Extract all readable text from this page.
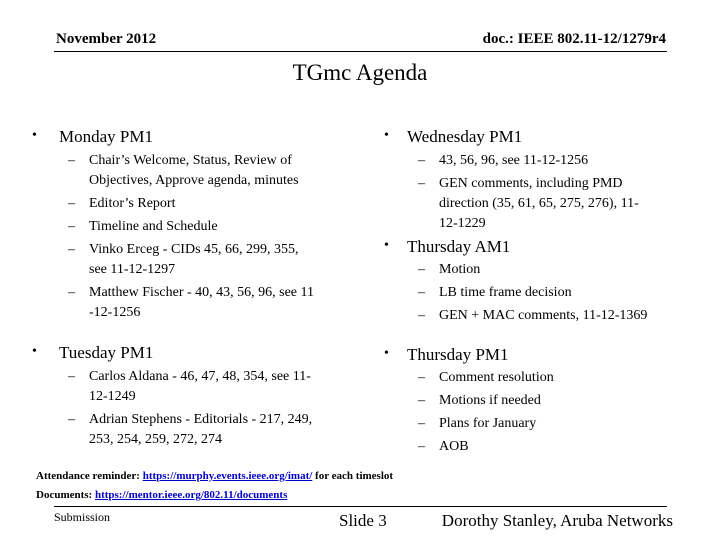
November 2012	doc.: IEEE 802.11-12/1279r4
TGmc Agenda
• Monday PM1
– Chair’s Welcome, Status, Review of
Objectives, Approve agenda, minutes
– Editor’s Report
– Timeline and Schedule
– Vinko Erceg - CIDs 45, 66, 299, 355,
see 11-12-1297
– Matthew Fischer - 40, 43, 56, 96, see 11
-12-1256
• Tuesday PM1
– Carlos Aldana - 46, 47, 48, 354, see 11-
12-1249
– Adrian Stephens - Editorials - 217, 249,
253, 254, 259, 272, 274
• Wednesday PM1
– 43, 56, 96, see 11-12-1256
– GEN comments, including PMD
direction (35, 61, 65, 275, 276), 11-
12-1229
• Thursday AM1
– Motion
– LB time frame decision
– GEN + MAC comments, 11-12-1369
• Thursday PM1
– Comment resolution
– Motions if needed
– Plans for January
– AOB
Attendance reminder: https://murphy.events.ieee.org/imat/ for each timeslot
Documents: https://mentor.ieee.org/802.11/documents
Submission	Slide 3	Dorothy Stanley, Aruba Networks
